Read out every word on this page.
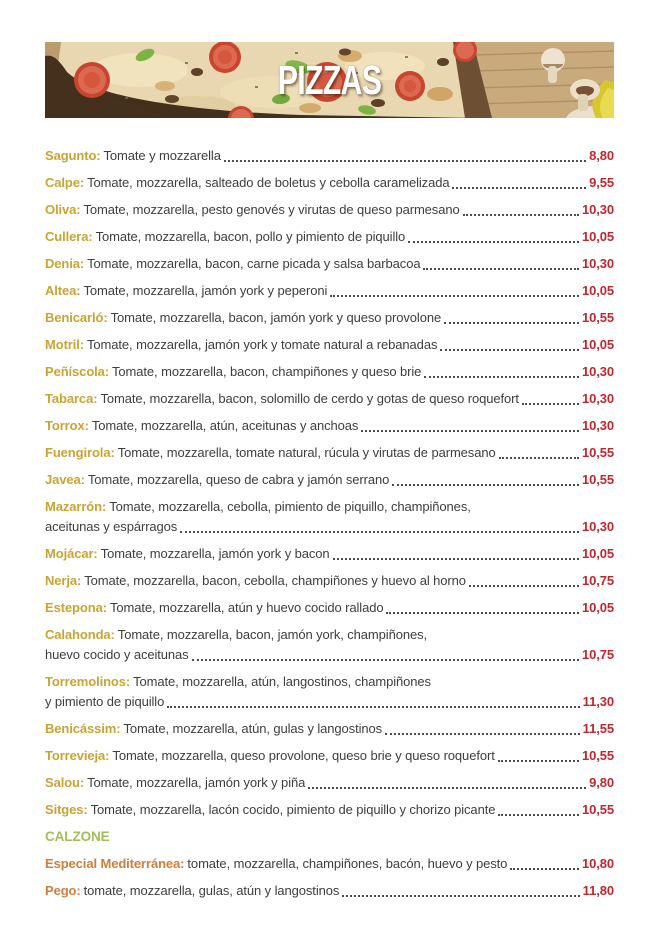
PIZZAS
Sagunto: Tomate y mozzarella	8,80
Calpe: Tomate, mozzarella, salteado de boletus y cebolla caramelizada	9,55
Oliva: Tomate, mozzarella, pesto genovés y virutas de queso parmesano	10,30
Cullera: Tomate, mozzarella, bacon, pollo y pimiento de piquillo	10,05
Denia: Tomate, mozzarella, bacon, carne picada y salsa barbacoa	10,30
Altea: Tomate, mozzarella, jamón york y peperoni	10,05
Benicarló: Tomate, mozzarella, bacon, jamón york y queso provolone	10,55
Motril: Tomate, mozzarella, jamón york y tomate natural a rebanadas	10,05
Peñíscola: Tomate, mozzarella, bacon, champiñones y queso brie	10,30
Tabarca: Tomate, mozzarella, bacon, solomillo de cerdo y gotas de queso roquefort	10,30
Torrox: Tomate, mozzarella, atún, aceitunas y anchoas	10,30
Fuengirola: Tomate, mozzarella, tomate natural, rúcula y virutas de parmesano	10,55
Javea: Tomate, mozzarella, queso de cabra y jamón serrano	10,55
Mazarrón: Tomate, mozzarella, cebolla, pimiento de piquillo, champiñones,
aceitunas y espárragos	10,30
Mojácar: Tomate, mozzarella, jamón york y bacon	10,05
Nerja: Tomate, mozzarella, bacon, cebolla, champiñones y huevo al horno	10,75
Estepona: Tomate, mozzarella, atún y huevo cocido rallado	10,05
Calahonda: Tomate, mozzarella, bacon, jamón york, champiñones,
huevo cocido y aceitunas	10,75
Torremolinos: Tomate, mozzarella, atún, langostinos, champiñones
y pimiento de piquillo	11,30
Benicássim: Tomate, mozzarella, atún, gulas y langostinos	11,55
Torrevieja: Tomate, mozzarella, queso provolone, queso brie y queso roquefort	10,55
Salou: Tomate, mozzarella, jamón york y piña	9,80
Sitges: Tomate, mozzarella, lacón cocido, pimiento de piquillo y chorizo picante	10,55
CALZONE
Especial Mediterránea: tomate, mozzarella, champiñones, bacón, huevo y pesto	10,80
Pego: tomate, mozzarella, gulas, atún y langostinos	11,80
